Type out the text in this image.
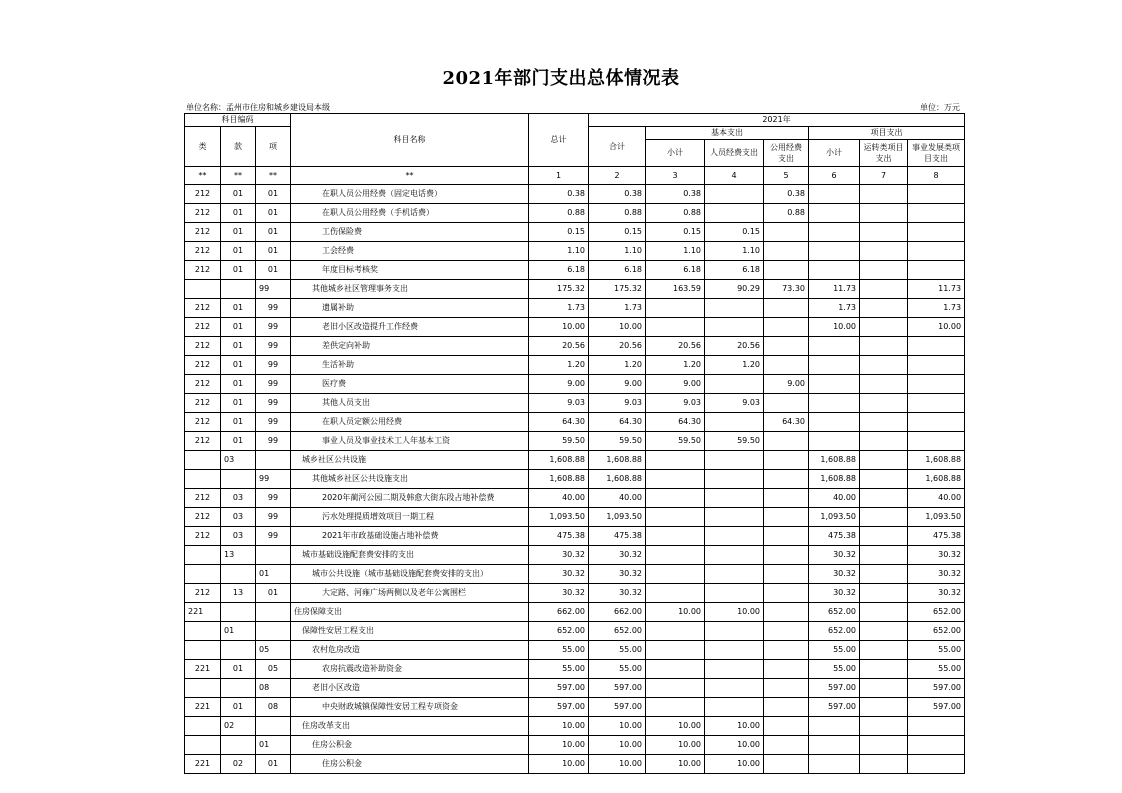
2021年部门支出总体情况表
单位名称：孟州市住房和城乡建设局本级	单位：万元
科目编码			科目名称	总计	2021年						
类	款	项			合计	基本支出			项目支出		
						小计	人员经费支出	公用经费支出	小计	运转类项目支出	事业发展类项目支出
**	**	**	**	1	2	3	4	5	6	7	8
212	01	01	在职人员公用经费（固定电话费）	0.38	0.38	0.38		0.38			
212	01	01	在职人员公用经费（手机话费）	0.88	0.88	0.88		0.88			
212	01	01	工伤保险费	0.15	0.15	0.15	0.15				
212	01	01	工会经费	1.10	1.10	1.10	1.10				
212	01	01	年度目标考核奖	6.18	6.18	6.18	6.18				
		99	其他城乡社区管理事务支出	175.32	175.32	163.59	90.29	73.30	11.73		11.73
212	01	99	遗属补助	1.73	1.73				1.73		1.73
212	01	99	老旧小区改造提升工作经费	10.00	10.00				10.00		10.00
212	01	99	差供定向补助	20.56	20.56	20.56	20.56				
212	01	99	生活补助	1.20	1.20	1.20	1.20				
212	01	99	医疗费	9.00	9.00	9.00		9.00			
212	01	99	其他人员支出	9.03	9.03	9.03	9.03				
212	01	99	在职人员定额公用经费	64.30	64.30	64.30		64.30			
212	01	99	事业人员及事业技术工人年基本工资	59.50	59.50	59.50	59.50				
	03		城乡社区公共设施	1,608.88	1,608.88				1,608.88		1,608.88
		99	其他城乡社区公共设施支出	1,608.88	1,608.88				1,608.88		1,608.88
212	03	99	2020年蔺河公园二期及韩愈大街东段占地补偿费	40.00	40.00				40.00		40.00
212	03	99	污水处理提质增效项目一期工程	1,093.50	1,093.50				1,093.50		1,093.50
212	03	99	2021年市政基础设施占地补偿费	475.38	475.38				475.38		475.38
	13		城市基础设施配套费安排的支出	30.32	30.32				30.32		30.32
		01	城市公共设施（城市基础设施配套费安排的支出）	30.32	30.32				30.32		30.32
212	13	01	大定路、河雍广场两侧以及老年公寓围栏	30.32	30.32				30.32		30.32
221			住房保障支出	662.00	662.00	10.00	10.00		652.00		652.00
	01		保障性安居工程支出	652.00	652.00				652.00		652.00
		05	农村危房改造	55.00	55.00				55.00		55.00
221	01	05	农房抗震改造补助资金	55.00	55.00				55.00		55.00
		08	老旧小区改造	597.00	597.00				597.00		597.00
221	01	08	中央财政城镇保障性安居工程专项资金	597.00	597.00				597.00		597.00
	02		住房改革支出	10.00	10.00	10.00	10.00				
		01	住房公积金	10.00	10.00	10.00	10.00				
221	02	01	住房公积金	10.00	10.00	10.00	10.00				
